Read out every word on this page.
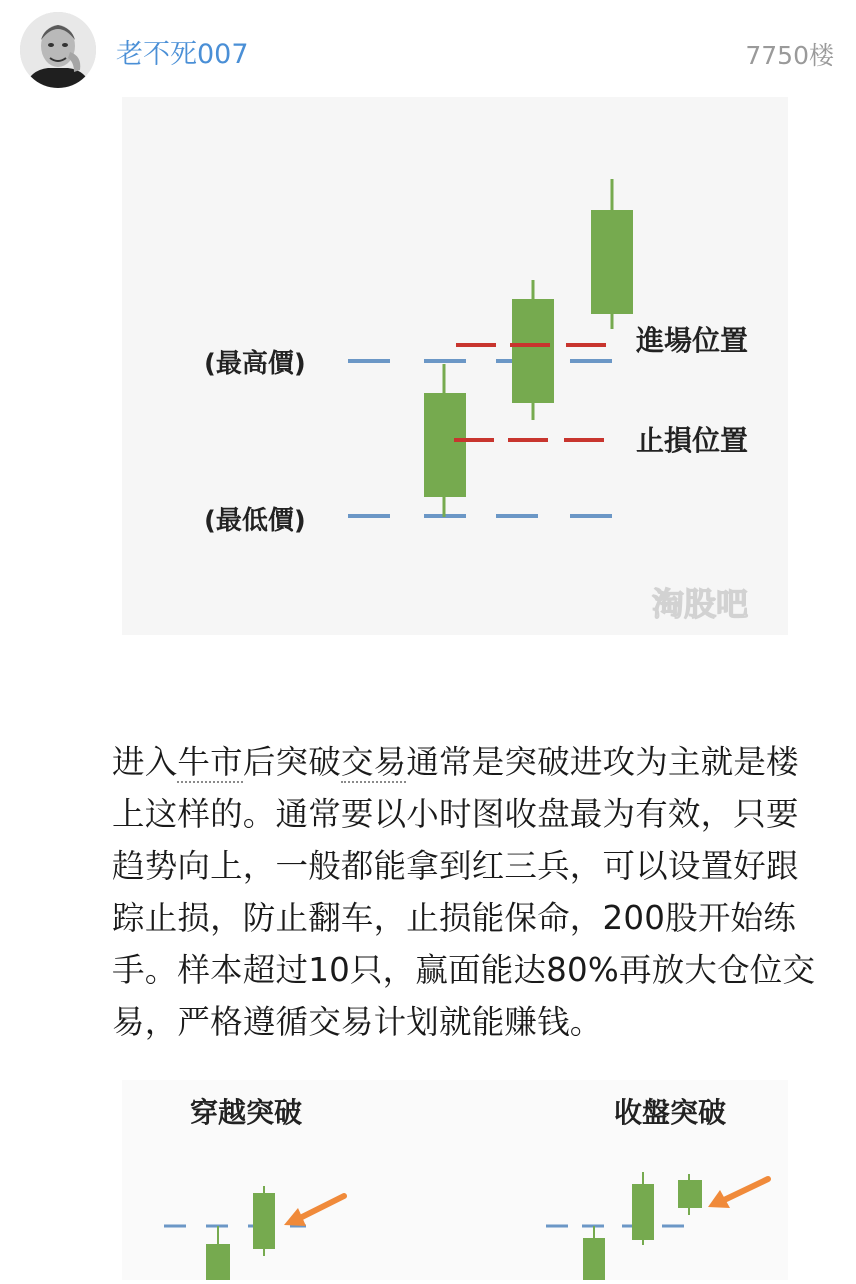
老不死007	7750楼
(最高價)
(最低價)
進場位置
止損位置
淘股吧
进入牛市后突破交易通常是突破进攻为主就是楼上这样的。通常要以小时图收盘最为有效，只要趋势向上，一般都能拿到红三兵，可以设置好跟踪止损，防止翻车，止损能保命，200股开始练手。样本超过10只，赢面能达80%再放大仓位交易，严格遵循交易计划就能赚钱。
穿越突破	收盤突破
